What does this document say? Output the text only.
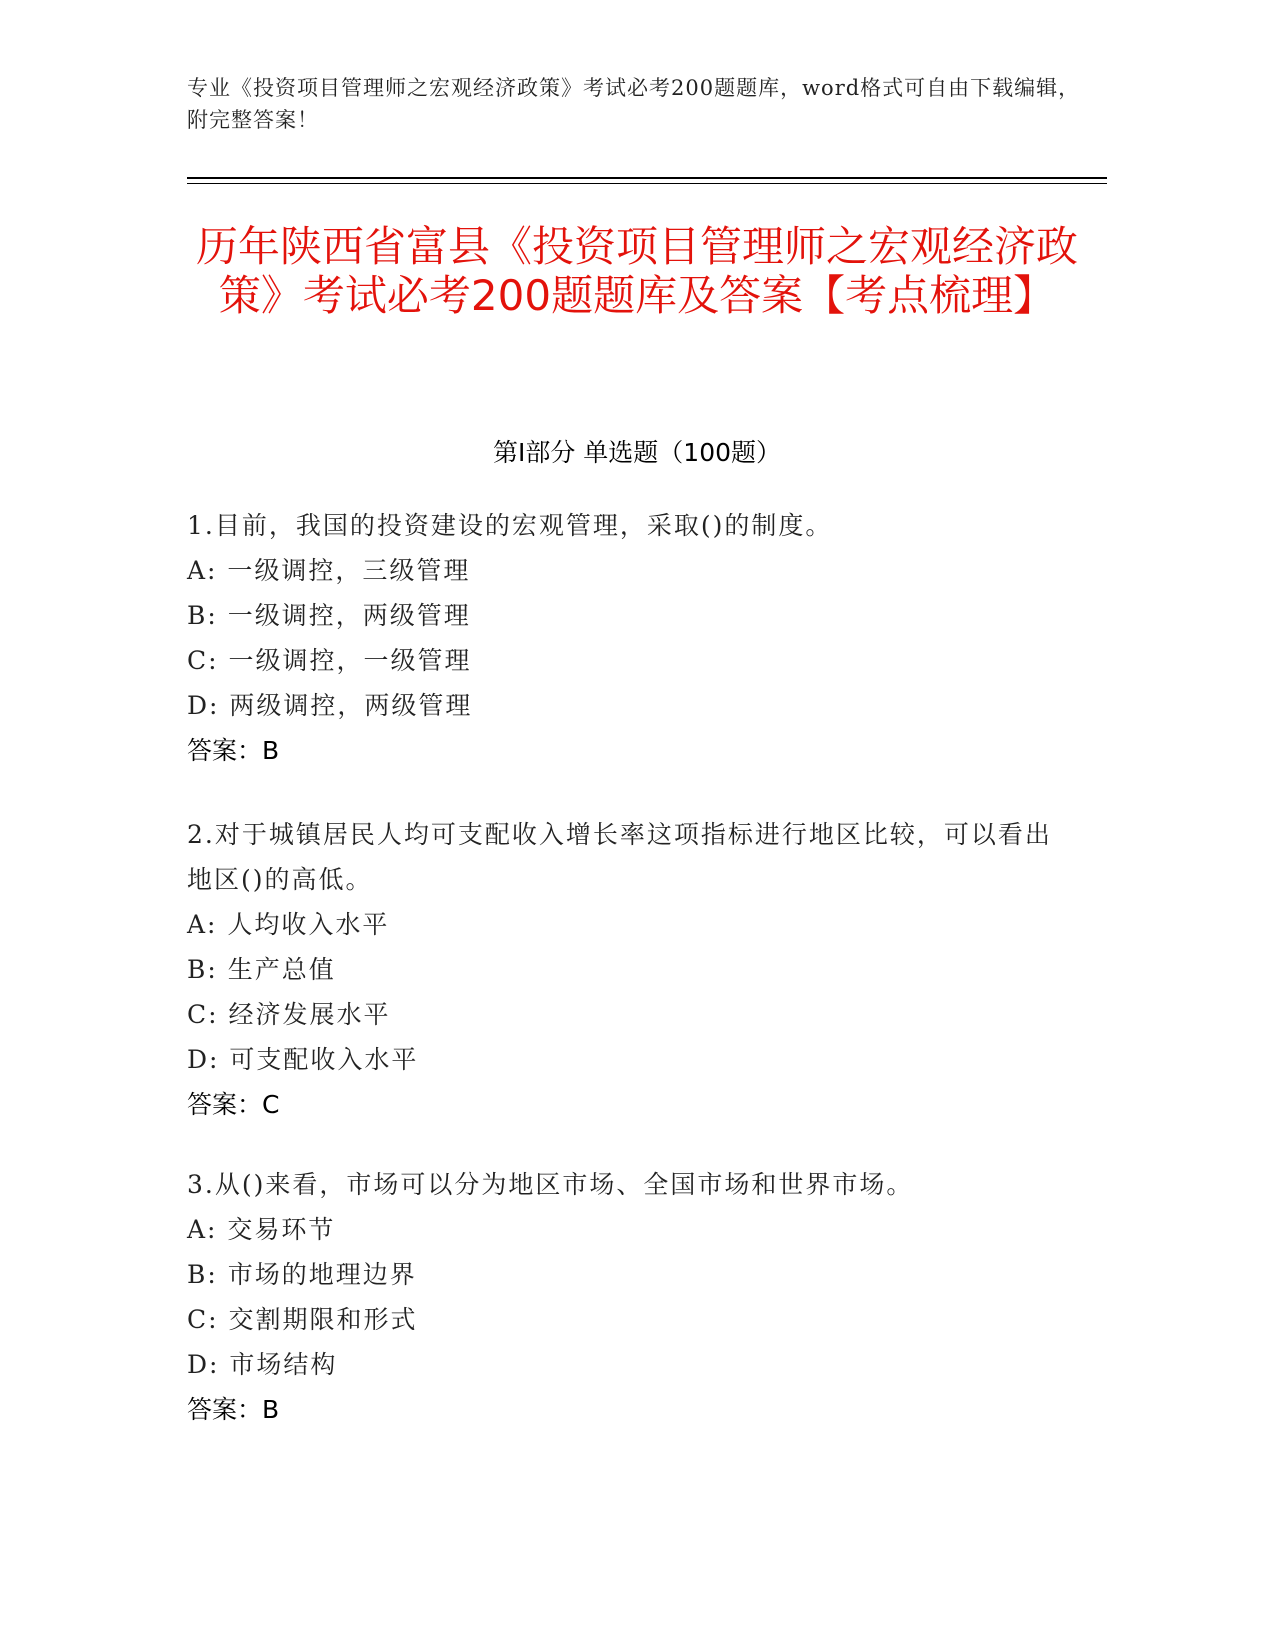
专业《投资项目管理师之宏观经济政策》考试必考200题题库，word格式可自由下载编辑，附完整答案！
历年陕西省富县《投资项目管理师之宏观经济政策》考试必考200题题库及答案【考点梳理】
第Ⅰ部分 单选题（100题）
1.目前，我国的投资建设的宏观管理，采取()的制度。
A: 一级调控，三级管理
B: 一级调控，两级管理
C: 一级调控，一级管理
D: 两级调控，两级管理
答案：B
2.对于城镇居民人均可支配收入增长率这项指标进行地区比较，可以看出地区()的高低。
A: 人均收入水平
B: 生产总值
C: 经济发展水平
D: 可支配收入水平
答案：C
3.从()来看，市场可以分为地区市场、全国市场和世界市场。
A: 交易环节
B: 市场的地理边界
C: 交割期限和形式
D: 市场结构
答案：B
